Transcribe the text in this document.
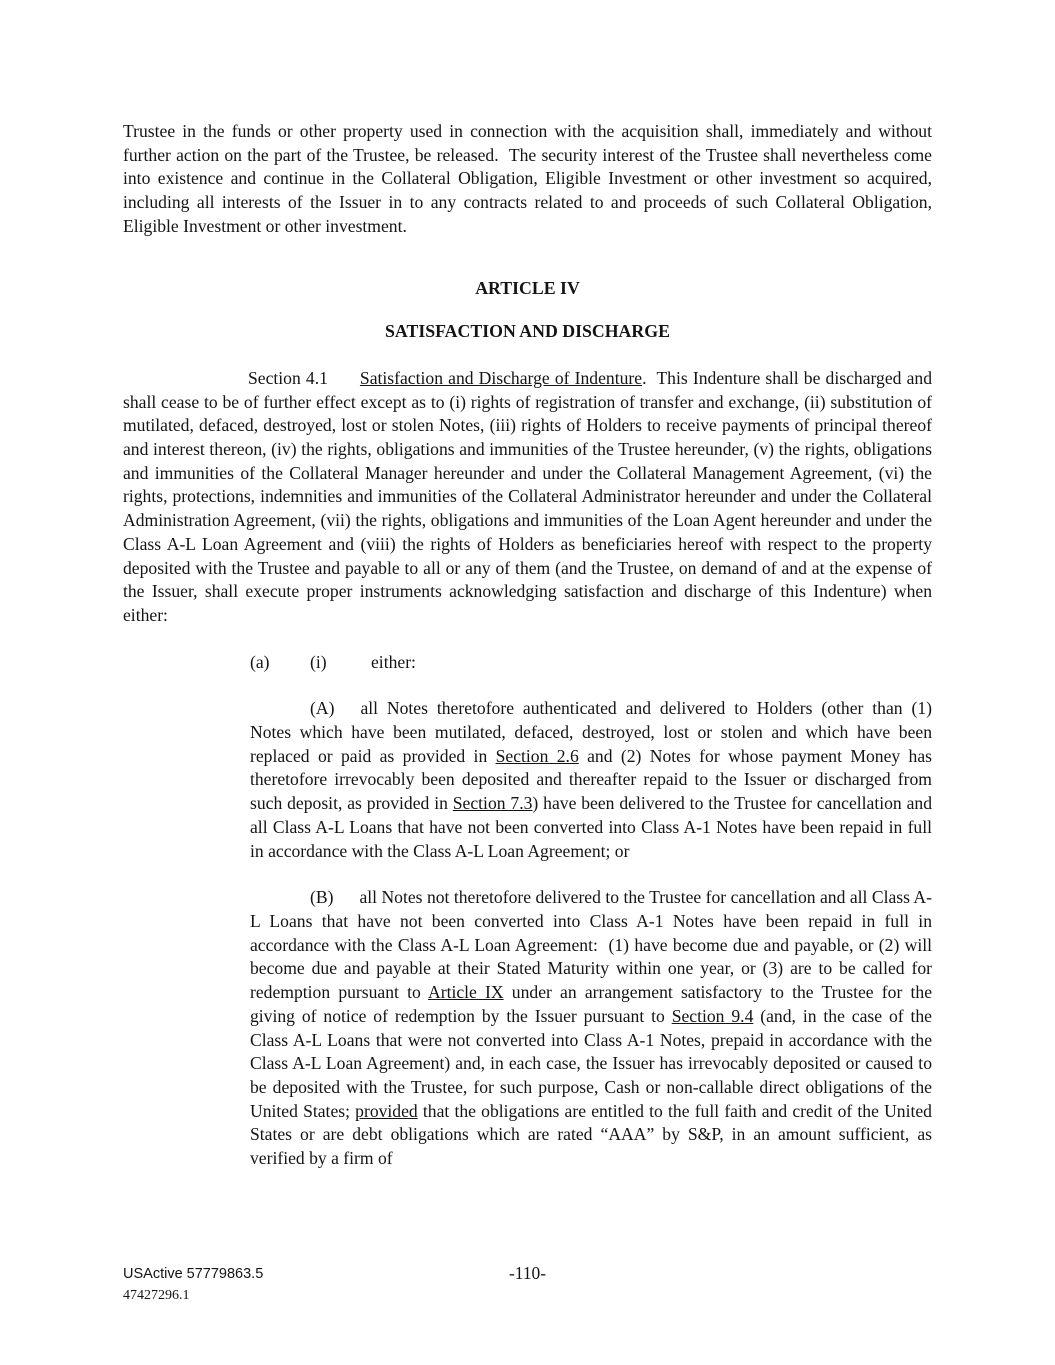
Trustee in the funds or other property used in connection with the acquisition shall, immediately and without further action on the part of the Trustee, be released.  The security interest of the Trustee shall nevertheless come into existence and continue in the Collateral Obligation, Eligible Investment or other investment so acquired, including all interests of the Issuer in to any contracts related to and proceeds of such Collateral Obligation, Eligible Investment or other investment.

ARTICLE IV

SATISFACTION AND DISCHARGE

Section 4.1 Satisfaction and Discharge of Indenture.  This Indenture shall be discharged and shall cease to be of further effect except as to (i) rights of registration of transfer and exchange, (ii) substitution of mutilated, defaced, destroyed, lost or stolen Notes, (iii) rights of Holders to receive payments of principal thereof and interest thereon, (iv) the rights, obligations and immunities of the Trustee hereunder, (v) the rights, obligations and immunities of the Collateral Manager hereunder and under the Collateral Management Agreement, (vi) the rights, protections, indemnities and immunities of the Collateral Administrator hereunder and under the Collateral Administration Agreement, (vii) the rights, obligations and immunities of the Loan Agent hereunder and under the Class A-L Loan Agreement and (viii) the rights of Holders as beneficiaries hereof with respect to the property deposited with the Trustee and payable to all or any of them (and the Trustee, on demand of and at the expense of the Issuer, shall execute proper instruments acknowledging satisfaction and discharge of this Indenture) when either:

(a) (i)	either:

(A) all Notes theretofore authenticated and delivered to Holders (other than (1) Notes which have been mutilated, defaced, destroyed, lost or stolen and which have been replaced or paid as provided in Section 2.6 and (2) Notes for whose payment Money has theretofore irrevocably been deposited and thereafter repaid to the Issuer or discharged from such deposit, as provided in Section 7.3) have been delivered to the Trustee for cancellation and all Class A-L Loans that have not been converted into Class A-1 Notes have been repaid in full in accordance with the Class A-L Loan Agreement; or

(B) all Notes not theretofore delivered to the Trustee for cancellation and all Class A-L Loans that have not been converted into Class A-1 Notes have been repaid in full in accordance with the Class A-L Loan Agreement:  (1) have become due and payable, or (2) will become due and payable at their Stated Maturity within one year, or (3) are to be called for redemption pursuant to Article IX under an arrangement satisfactory to the Trustee for the giving of notice of redemption by the Issuer pursuant to Section 9.4 (and, in the case of the Class A-L Loans that were not converted into Class A-1 Notes, prepaid in accordance with the Class A-L Loan Agreement) and, in each case, the Issuer has irrevocably deposited or caused to be deposited with the Trustee, for such purpose, Cash or non-callable direct obligations of the United States; provided that the obligations are entitled to the full faith and credit of the United States or are debt obligations which are rated “AAA” by S&P, in an amount sufficient, as verified by a firm of

USActive 57779863.5
47427296.1
-110-
